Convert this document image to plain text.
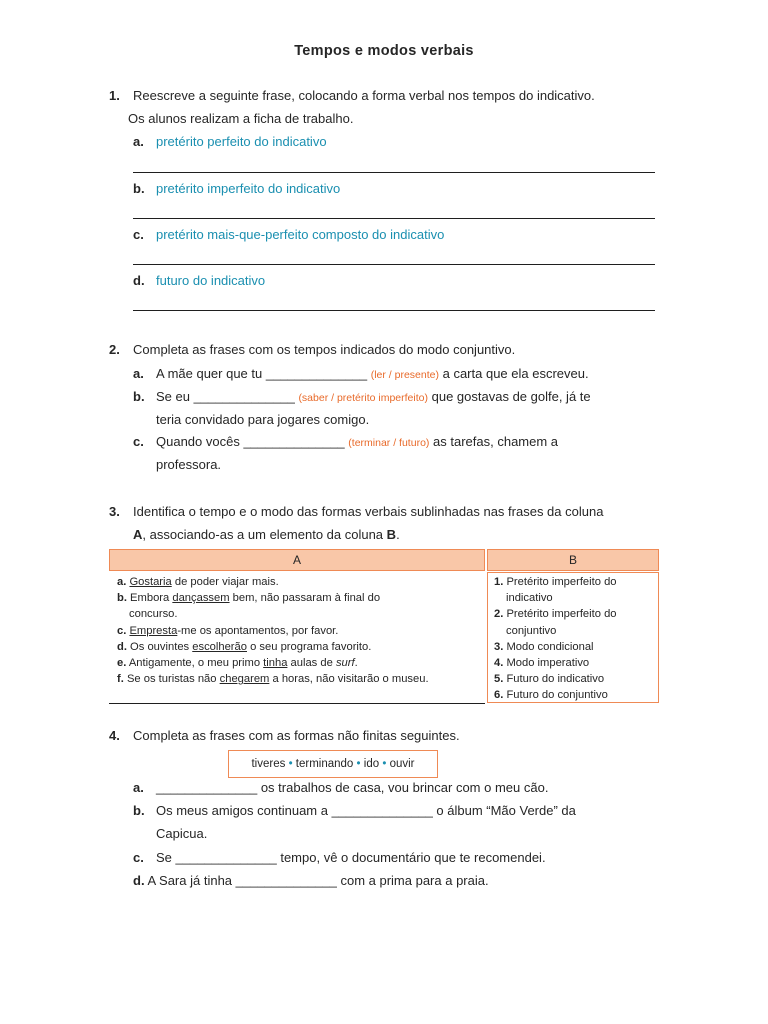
Tempos e modos verbais
1. Reescreve a seguinte frase, colocando a forma verbal nos tempos do indicativo.
Os alunos realizam a ficha de trabalho.
a. pretérito perfeito do indicativo
b. pretérito imperfeito do indicativo
c. pretérito mais-que-perfeito composto do indicativo
d. futuro do indicativo
2. Completa as frases com os tempos indicados do modo conjuntivo.
a. A mãe quer que tu ______________ (ler / presente) a carta que ela escreveu.
b. Se eu ______________ (saber / pretérito imperfeito) que gostavas de golfe, já te
teria convidado para jogares comigo.
c. Quando vocês ______________ (terminar / futuro) as tarefas, chamem a
professora.
3. Identifica o tempo e o modo das formas verbais sublinhadas nas frases da coluna
A, associando-as a um elemento da coluna B.
A	B
a. Gostaria de poder viajar mais.
b. Embora dançassem bem, não passaram à final do
concurso.
c. Empresta-me os apontamentos, por favor.
d. Os ouvintes escolherão o seu programa favorito.
e. Antigamente, o meu primo tinha aulas de surf.
f. Se os turistas não chegarem a horas, não visitarão o museu.
1. Pretérito imperfeito do
indicativo
2. Pretérito imperfeito do
conjuntivo
3. Modo condicional
4. Modo imperativo
5. Futuro do indicativo
6. Futuro do conjuntivo
4. Completa as frases com as formas não finitas seguintes.
tiveres • terminando • ido • ouvir
a. ______________ os trabalhos de casa, vou brincar com o meu cão.
b. Os meus amigos continuam a ______________ o álbum “Mão Verde” da
Capicua.
c. Se ______________ tempo, vê o documentário que te recomendei.
d. A Sara já tinha ______________ com a prima para a praia.
